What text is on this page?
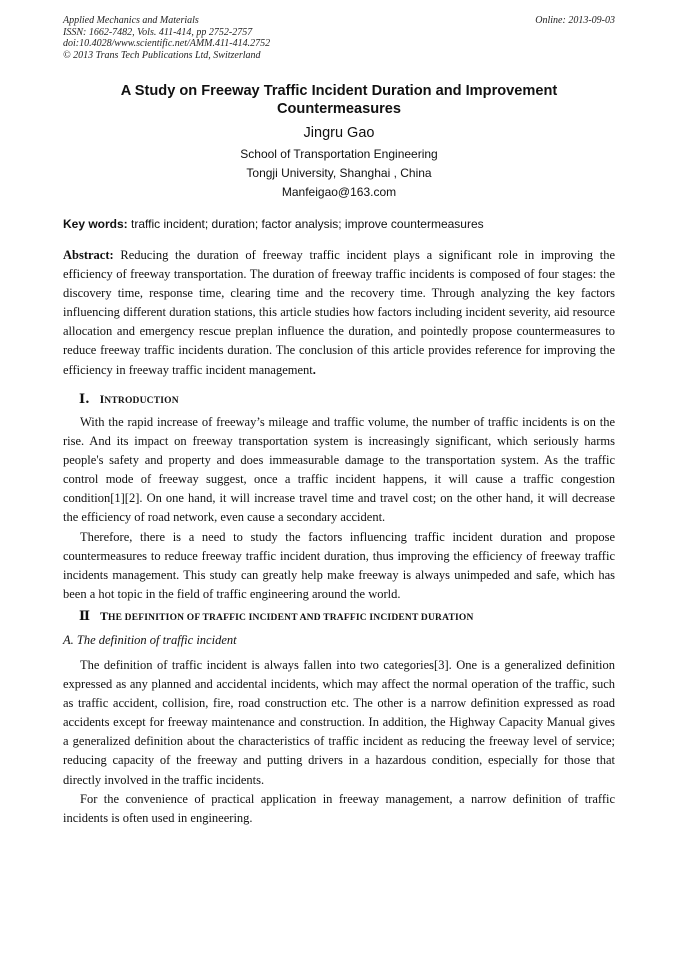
Applied Mechanics and Materials
ISSN: 1662-7482, Vols. 411-414, pp 2752-2757
doi:10.4028/www.scientific.net/AMM.411-414.2752
© 2013 Trans Tech Publications Ltd, Switzerland
Online: 2013-09-03
A Study on Freeway Traffic Incident Duration and Improvement
Countermeasures
Jingru Gao
School of Transportation Engineering
Tongji University, Shanghai , China
Manfeigao@163.com
Key words: traffic incident; duration; factor analysis; improve countermeasures

Abstract: Reducing the duration of freeway traffic incident plays a significant role in improving the efficiency of freeway transportation. The duration of freeway traffic incidents is composed of four stages: the discovery time, response time, clearing time and the recovery time. Through analyzing the key factors influencing different duration stations, this article studies how factors including incident severity, aid resource allocation and emergency rescue preplan influence the duration, and pointedly propose countermeasures to reduce freeway traffic incidents duration. The conclusion of this article provides reference for improving the efficiency in freeway traffic incident management.

Ⅰ. INTRODUCTION

With the rapid increase of freeway’s mileage and traffic volume, the number of traffic incidents is on the rise. And its impact on freeway transportation system is increasingly significant, which seriously harms people's safety and property and does immeasurable damage to the transportation system. As the traffic control mode of freeway suggest, once a traffic incident happens, it will cause a traffic congestion condition[1][2]. On one hand, it will increase travel time and travel cost; on the other hand, it will decrease the efficiency of road network, even cause a secondary accident.

Therefore, there is a need to study the factors influencing traffic incident duration and propose countermeasures to reduce freeway traffic incident duration, thus improving the efficiency of freeway traffic incidents management. This study can greatly help make freeway is always unimpeded and safe, which has been a hot topic in the field of traffic engineering around the world.

Ⅱ THE DEFINITION OF TRAFFIC INCIDENT AND TRAFFIC INCIDENT DURATION
A. The definition of traffic incident

The definition of traffic incident is always fallen into two categories[3]. One is a generalized definition expressed as any planned and accidental incidents, which may affect the normal operation of the traffic, such as traffic accident, collision, fire, road construction etc. The other is a narrow definition expressed as road accidents except for freeway maintenance and construction. In addition, the Highway Capacity Manual gives a generalized definition about the characteristics of traffic incident as reducing the freeway level of service; reducing capacity of the freeway and putting drivers in a hazardous condition, especially for those that directly involved in the traffic incidents.

For the convenience of practical application in freeway management, a narrow definition of traffic incidents is often used in engineering.
